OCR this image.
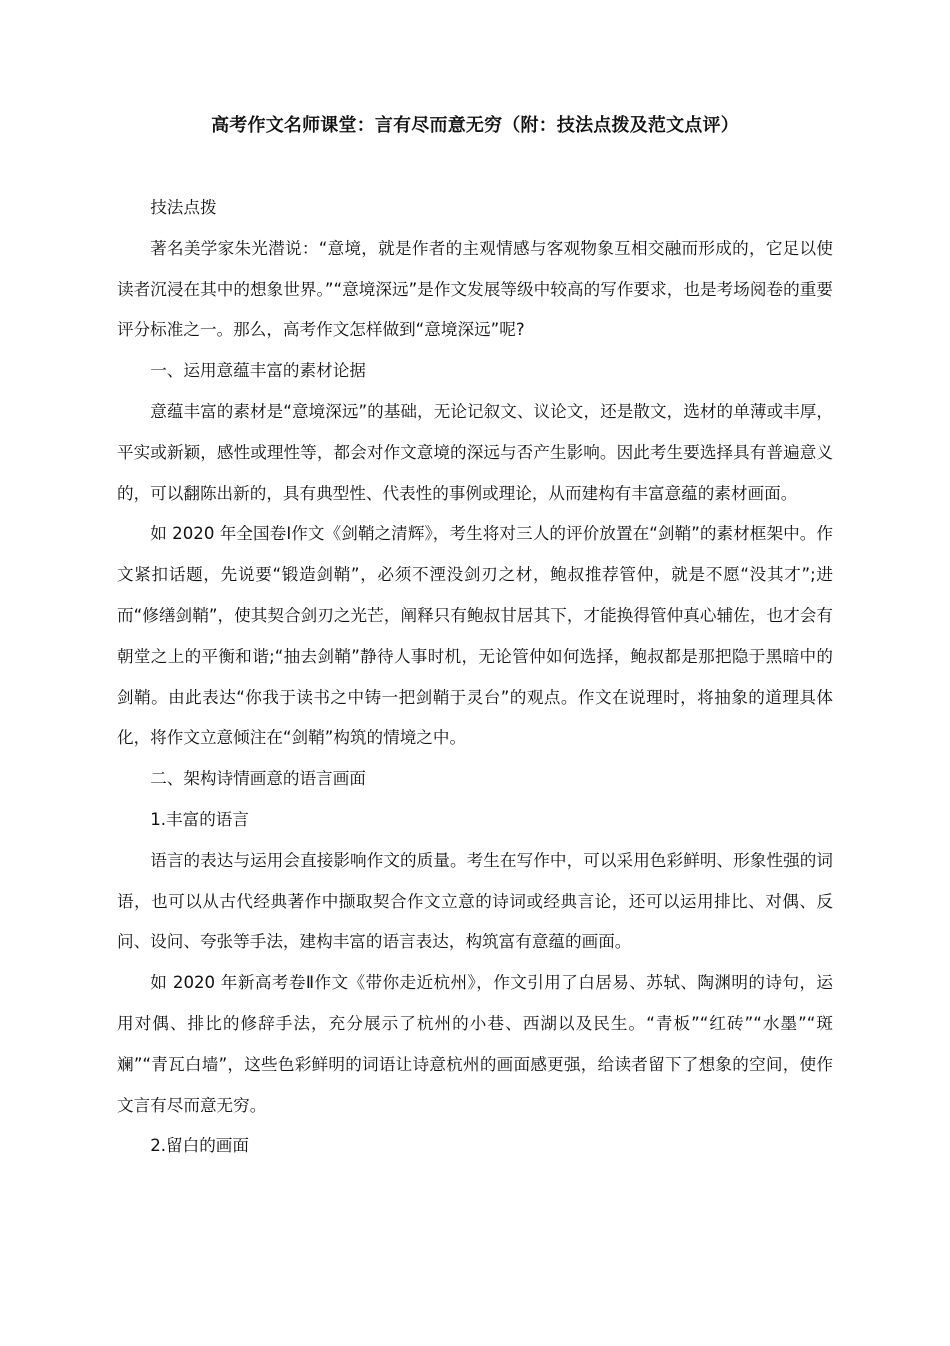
高考作文名师课堂：言有尽而意无穷（附：技法点拨及范文点评）

技法点拨

著名美学家朱光潜说：“意境，就是作者的主观情感与客观物象互相交融而形成的，它足以使读者沉浸在其中的想象世界。”“意境深远”是作文发展等级中较高的写作要求，也是考场阅卷的重要评分标准之一。那么，高考作文怎样做到“意境深远”呢?

一、运用意蕴丰富的素材论据

意蕴丰富的素材是“意境深远”的基础，无论记叙文、议论文，还是散文，选材的单薄或丰厚，平实或新颖，感性或理性等，都会对作文意境的深远与否产生影响。因此考生要选择具有普遍意义的，可以翻陈出新的，具有典型性、代表性的事例或理论，从而建构有丰富意蕴的素材画面。

如 2020 年全国卷Ⅰ作文《剑鞘之清辉》，考生将对三人的评价放置在“剑鞘”的素材框架中。作文紧扣话题，先说要“锻造剑鞘”，必须不湮没剑刃之材，鲍叔推荐管仲，就是不愿“没其才”;进而“修缮剑鞘”，使其契合剑刃之光芒，阐释只有鲍叔甘居其下，才能换得管仲真心辅佐，也才会有朝堂之上的平衡和谐;“抽去剑鞘”静待人事时机，无论管仲如何选择，鲍叔都是那把隐于黑暗中的剑鞘。由此表达“你我于读书之中铸一把剑鞘于灵台”的观点。作文在说理时，将抽象的道理具体化，将作文立意倾注在“剑鞘”构筑的情境之中。

二、架构诗情画意的语言画面

1.丰富的语言

语言的表达与运用会直接影响作文的质量。考生在写作中，可以采用色彩鲜明、形象性强的词语，也可以从古代经典著作中撷取契合作文立意的诗词或经典言论，还可以运用排比、对偶、反问、设问、夸张等手法，建构丰富的语言表达，构筑富有意蕴的画面。

如 2020 年新高考卷Ⅱ作文《带你走近杭州》，作文引用了白居易、苏轼、陶渊明的诗句，运用对偶、排比的修辞手法，充分展示了杭州的小巷、西湖以及民生。“青板”“红砖”“水墨”“斑斓”“青瓦白墙”，这些色彩鲜明的词语让诗意杭州的画面感更强，给读者留下了想象的空间，使作文言有尽而意无穷。

2.留白的画面
